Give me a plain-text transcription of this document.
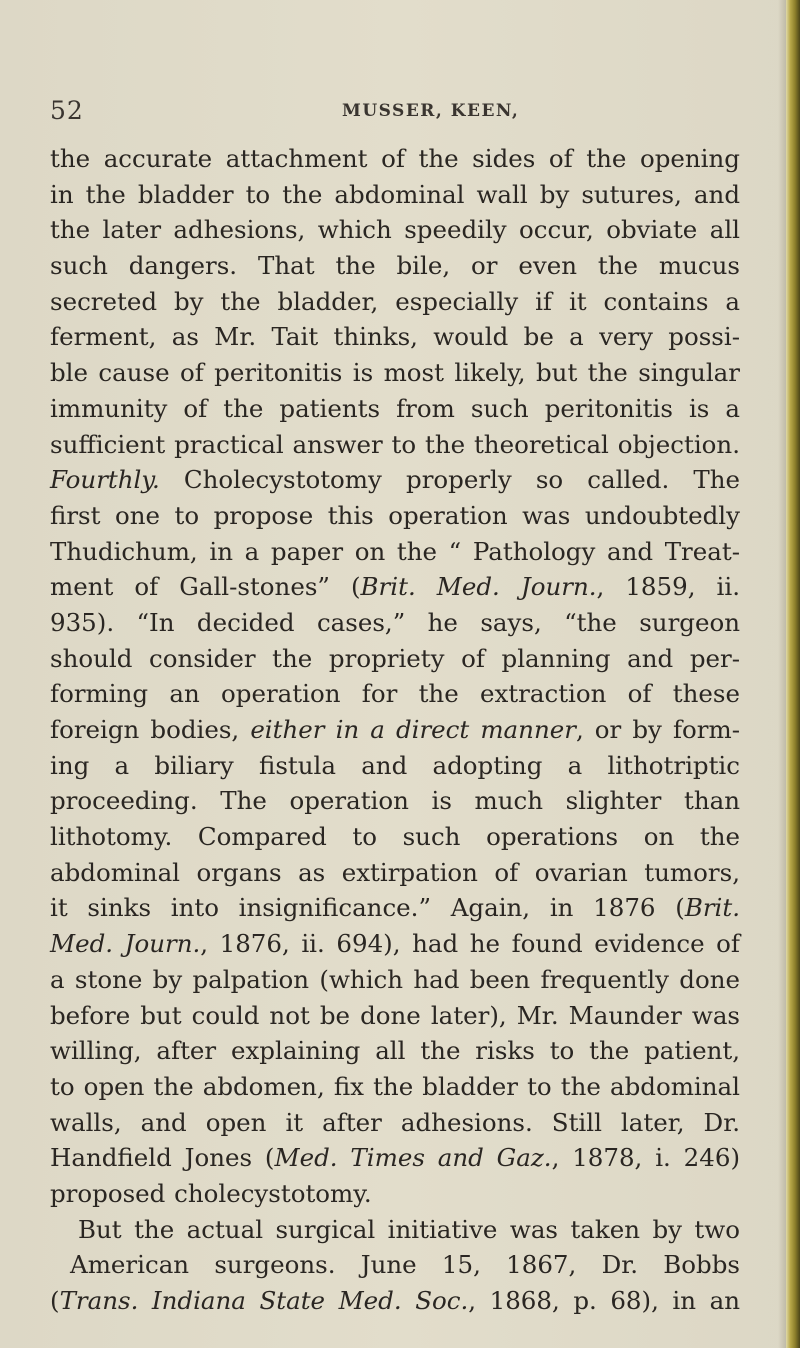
52	MUSSER, KEEN,
the accurate attachment of the sides of the opening
in the bladder to the abdominal wall by sutures, and
the later adhesions, which speedily occur, obviate all
such dangers. That the bile, or even the mucus
secreted by the bladder, especially if it contains a
ferment, as Mr. Tait thinks, would be a very possi-
ble cause of peritonitis is most likely, but the singular
immunity of the patients from such peritonitis is a
sufficient practical answer to the theoretical objection.
Fourthly. Cholecystotomy properly so called. The
first one to propose this operation was undoubtedly
Thudichum, in a paper on the “ Pathology and Treat-
ment of Gall-stones” (Brit. Med. Journ., 1859, ii.
935). “In decided cases,” he says, “the surgeon
should consider the propriety of planning and per-
forming an operation for the extraction of these
foreign bodies, either in a direct manner, or by form-
ing a biliary fistula and adopting a lithotriptic
proceeding. The operation is much slighter than
lithotomy. Compared to such operations on the
abdominal organs as extirpation of ovarian tumors,
it sinks into insignificance.” Again, in 1876 (Brit.
Med. Journ., 1876, ii. 694), had he found evidence of
a stone by palpation (which had been frequently done
before but could not be done later), Mr. Maunder was
willing, after explaining all the risks to the patient,
to open the abdomen, fix the bladder to the abdominal
walls, and open it after adhesions. Still later, Dr.
Handfield Jones (Med. Times and Gaz., 1878, i. 246)
proposed cholecystotomy.
But the actual surgical initiative was taken by two
American surgeons. June 15, 1867, Dr. Bobbs
(Trans. Indiana State Med. Soc., 1868, p. 68), in an
